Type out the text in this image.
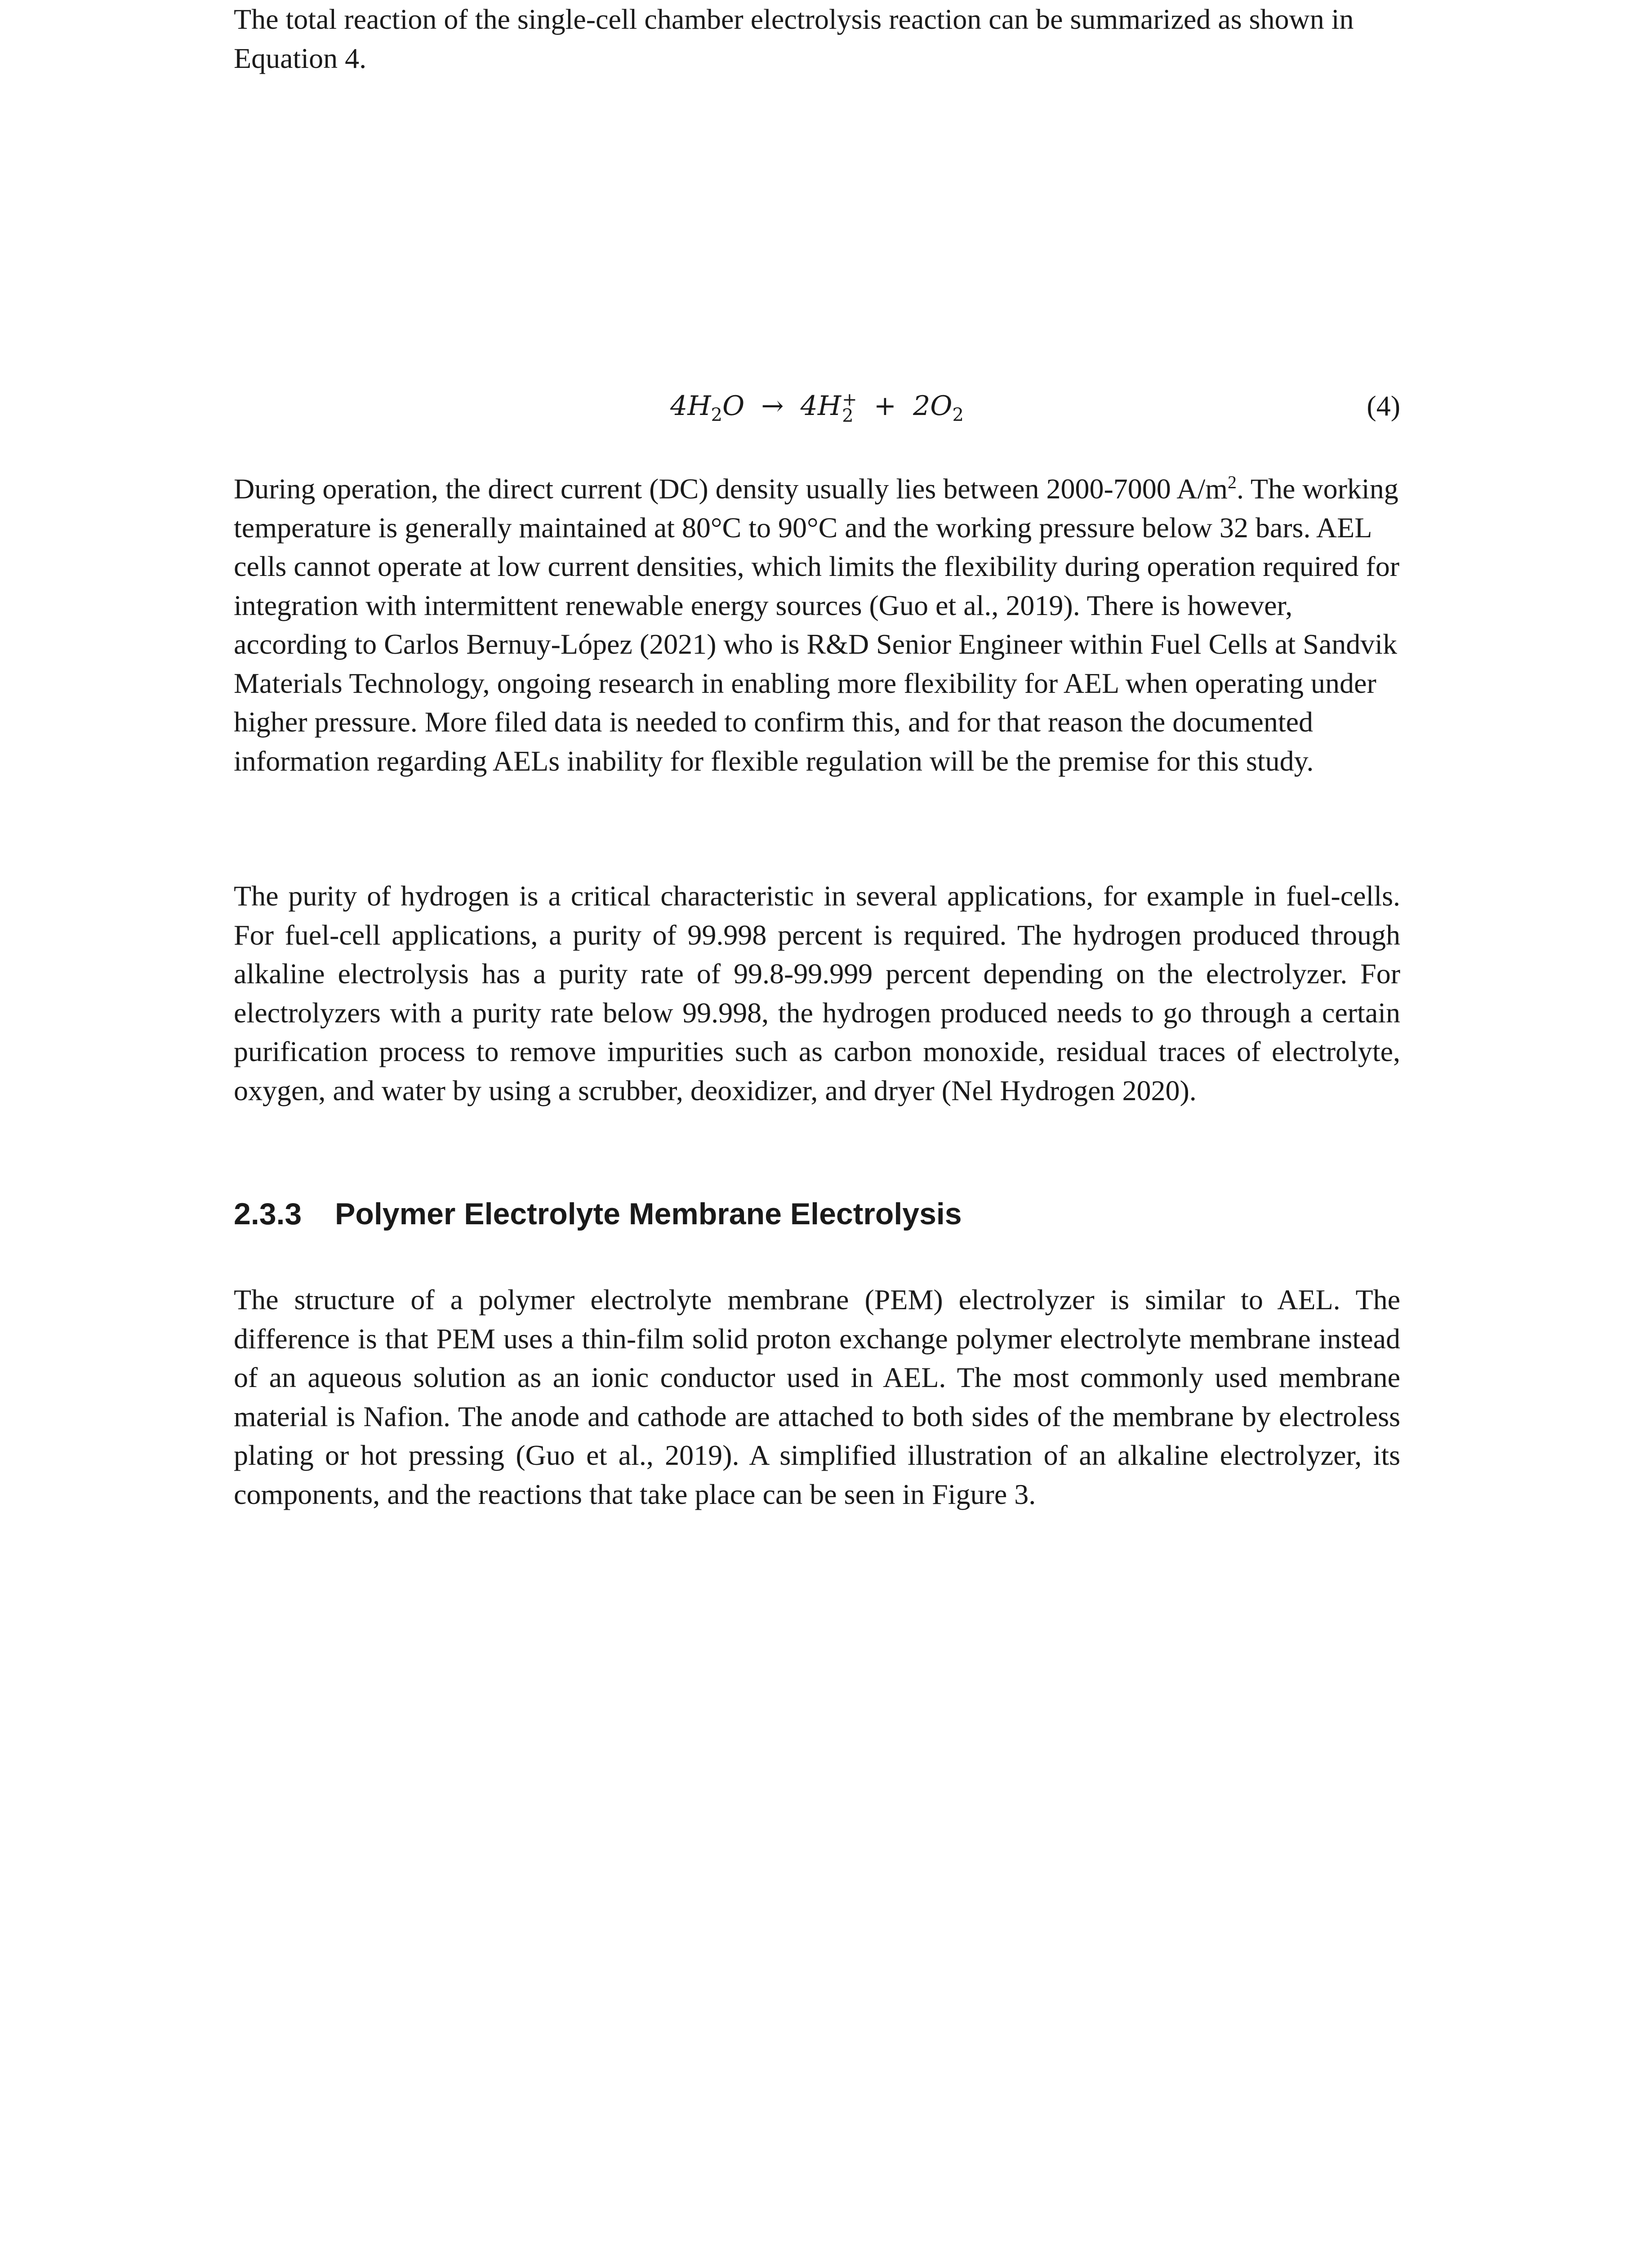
The total reaction of the single-cell chamber electrolysis reaction can be summarized as shown in Equation 4.

$4H_2O \to 4H+$
$2 + 2O_2$	(4)

During operation, the direct current (DC) density usually lies between 2000-7000 $A/m^2$. The working temperature is generally maintained at 80°C to 90°C and the working pressure below 32 bars. AEL cells cannot operate at low current densities, which limits the flexibility during operation required for integration with intermittent renewable energy sources (Guo et al., 2019). There is however, according to Carlos Bernuy-López (2021) who is R&D Senior Engineer within Fuel Cells at Sandvik Materials Technology, ongoing research in enabling more flexibility for AEL when operating under higher pressure. More filed data is needed to confirm this, and for that reason the documented information regarding AELs inability for flexible regulation will be the premise for this study.

The purity of hydrogen is a critical characteristic in several applications, for example in fuel-cells. For fuel-cell applications, a purity of 99.998 percent is required. The hydrogen produced through alkaline electrolysis has a purity rate of 99.8-99.999 percent depending on the electrolyzer. For electrolyzers with a purity rate below 99.998, the hydrogen produced needs to go through a certain purification process to remove impurities such as carbon monoxide, residual traces of electrolyte, oxygen, and water by using a scrubber, deoxidizer, and dryer (Nel Hydrogen 2020).

2.3.3 Polymer Electrolyte Membrane Electrolysis

The structure of a polymer electrolyte membrane (PEM) electrolyzer is similar to AEL. The difference is that PEM uses a thin-film solid proton exchange polymer electrolyte membrane instead of an aqueous solution as an ionic conductor used in AEL. The most commonly used membrane material is Nafion. The anode and cathode are attached to both sides of the membrane by electroless plating or hot pressing (Guo et al., 2019). A simplified illustration of an alkaline electrolyzer, its components, and the reactions that take place can be seen in Figure 3.
